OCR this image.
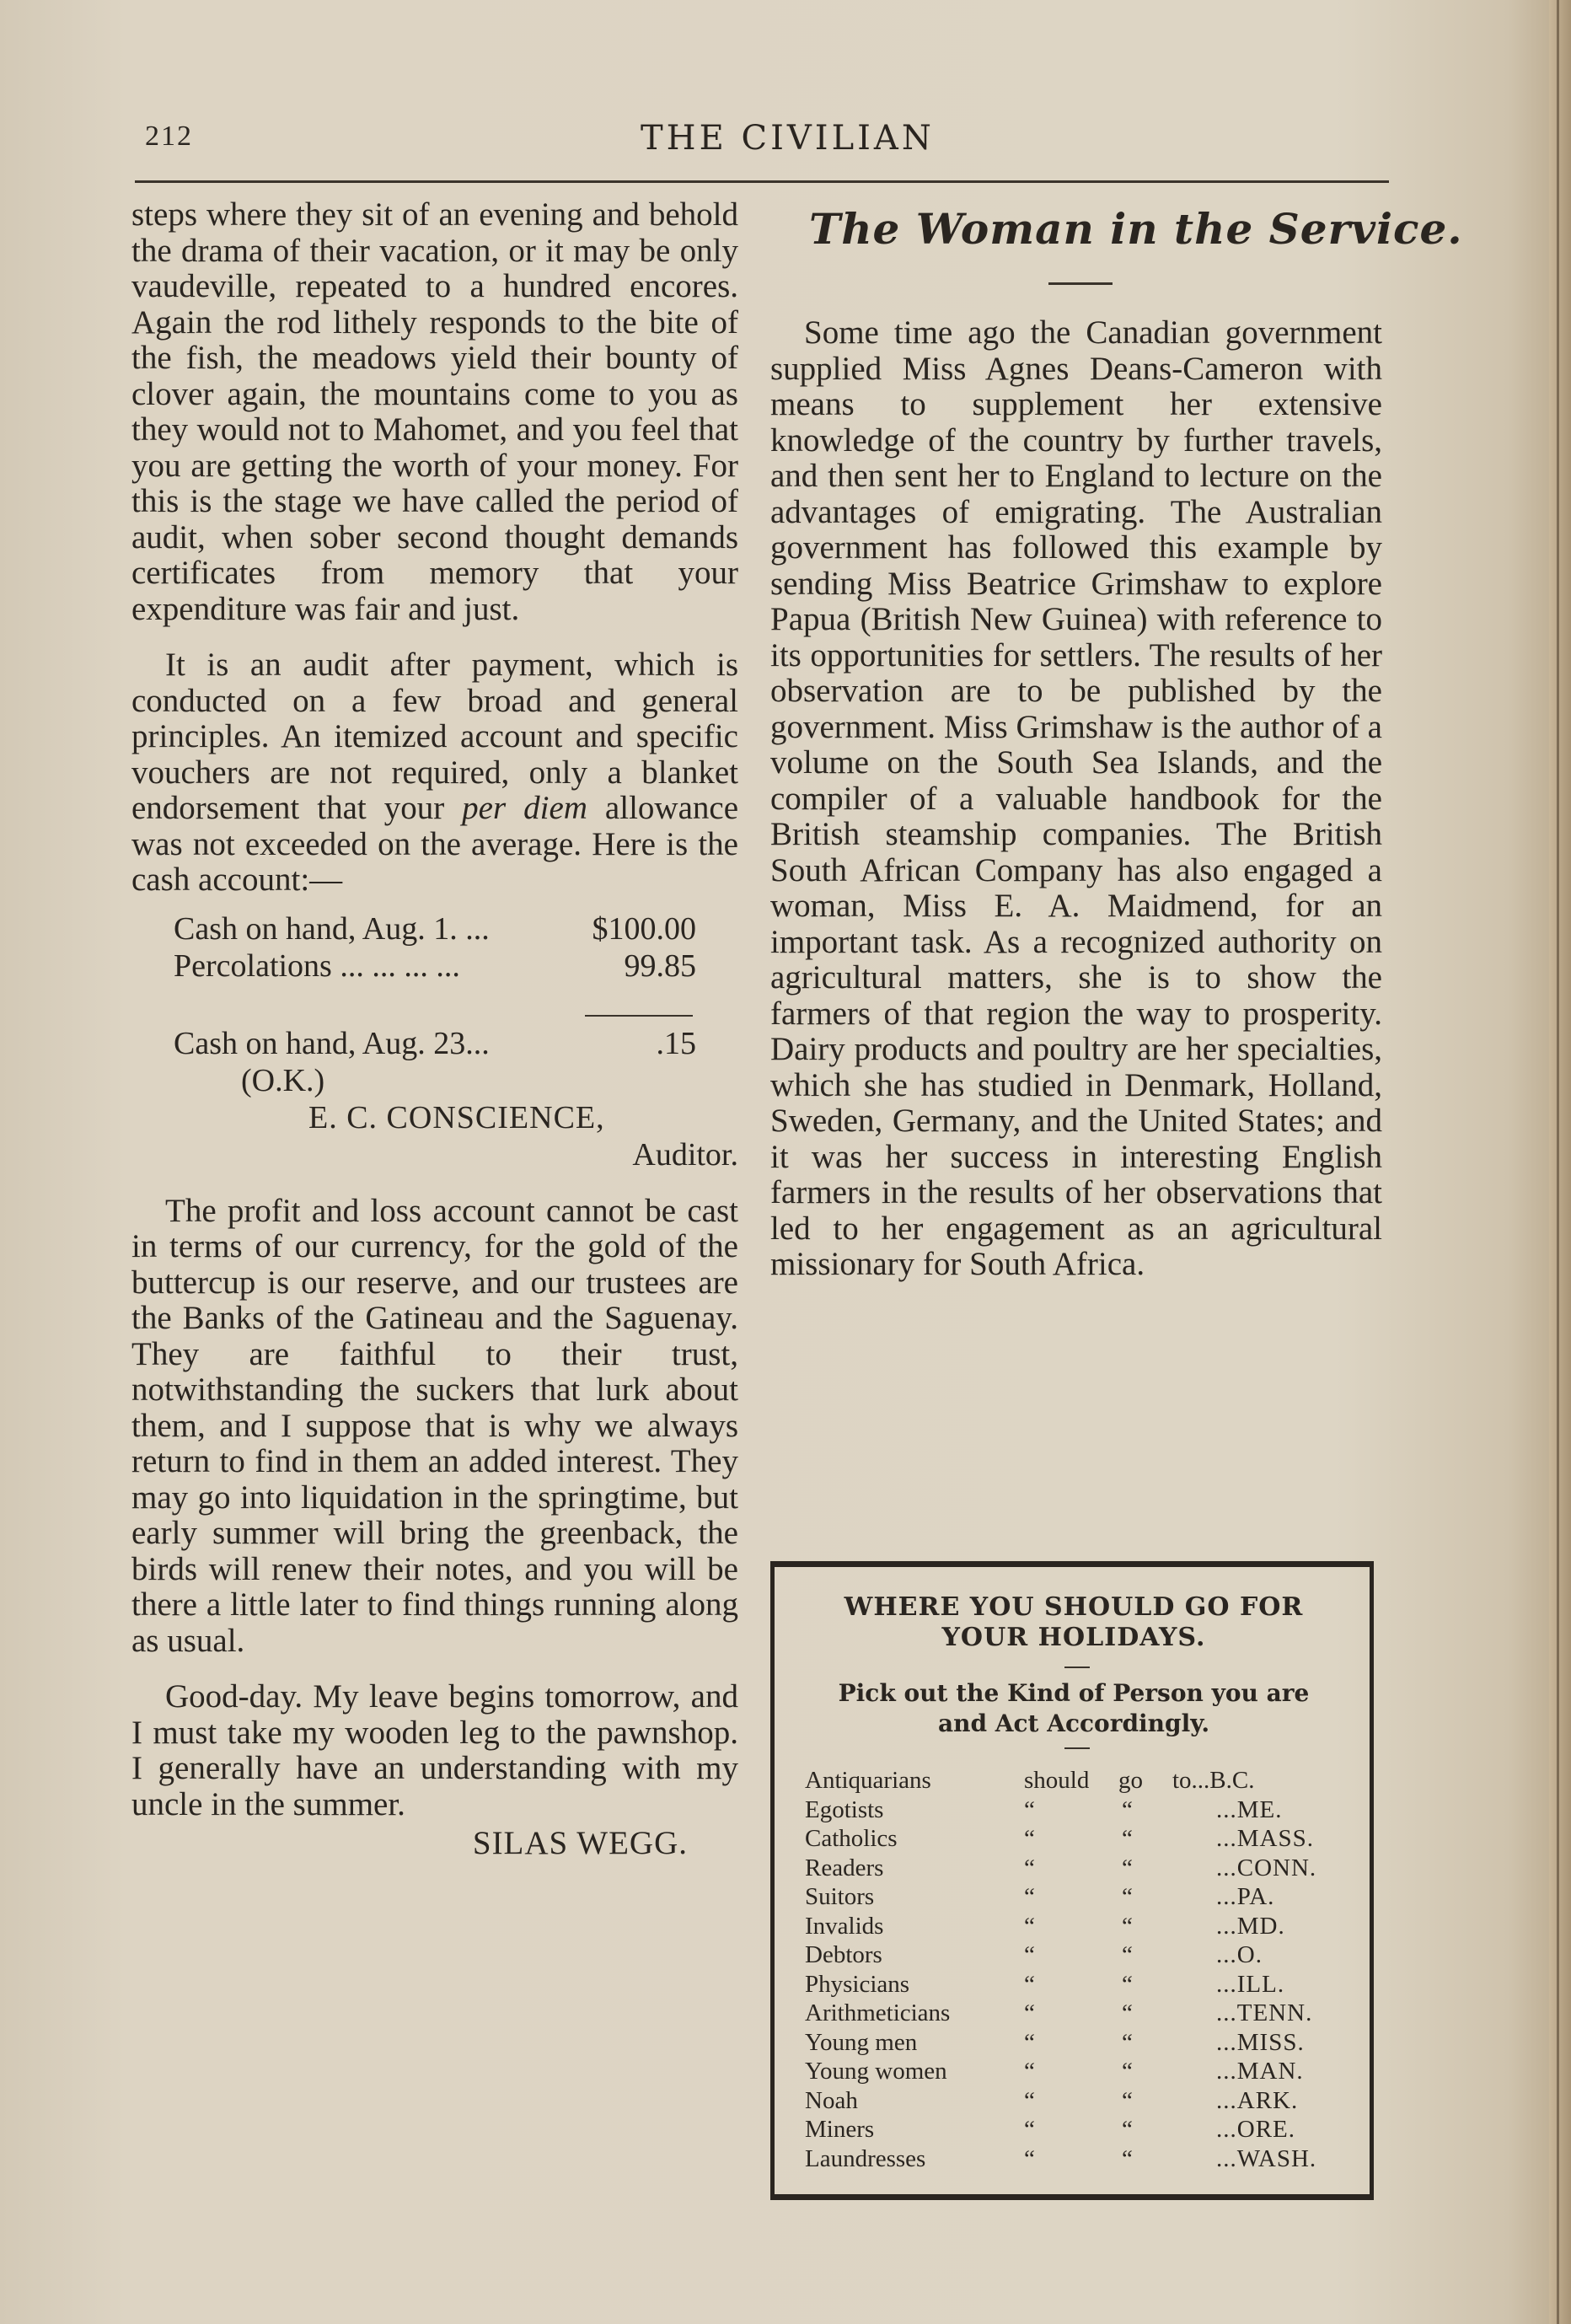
212	THE CIVILIAN

steps where they sit of an evening and behold the drama of their vacation, or it may be only vaudeville, repeated to a hundred encores. Again the rod lithely responds to the bite of the fish, the meadows yield their bounty of clover again, the mountains come to you as they would not to Mahomet, and you feel that you are getting the worth of your money. For this is the stage we have called the period of audit, when sober second thought demands certificates from memory that your expenditure was fair and just.

It is an audit after payment, which is conducted on a few broad and general principles. An itemized account and specific vouchers are not required, only a blanket endorsement that your per diem allowance was not exceeded on the average. Here is the cash account:—

Cash on hand, Aug. 1. ...	$100.00
Percolations ... ... ... ...	99.85
Cash on hand, Aug. 23...	.15
(O.K.)
E. C. CONSCIENCE,
Auditor.

The profit and loss account cannot be cast in terms of our currency, for the gold of the buttercup is our reserve, and our trustees are the Banks of the Gatineau and the Saguenay. They are faithful to their trust, notwithstanding the suckers that lurk about them, and I suppose that is why we always return to find in them an added interest. They may go into liquidation in the springtime, but early summer will bring the greenback, the birds will renew their notes, and you will be there a little later to find things running along as usual.

Good-day. My leave begins tomorrow, and I must take my wooden leg to the pawnshop. I generally have an understanding with my uncle in the summer.

SILAS WEGG.
The Woman in the Service.

Some time ago the Canadian government supplied Miss Agnes Deans-Cameron with means to supplement her extensive knowledge of the country by further travels, and then sent her to England to lecture on the advantages of emigrating. The Australian government has followed this example by sending Miss Beatrice Grimshaw to explore Papua (British New Guinea) with reference to its opportunities for settlers. The results of her observation are to be published by the government. Miss Grimshaw is the author of a volume on the South Sea Islands, and the compiler of a valuable handbook for the British steamship companies. The British South African Company has also engaged a woman, Miss E. A. Maidmend, for an important task. As a recognized authority on agricultural matters, she is to show the farmers of that region the way to prosperity. Dairy products and poultry are her specialties, which she has studied in Denmark, Holland, Sweden, Germany, and the United States; and it was her success in interesting English farmers in the results of her observations that led to her engagement as an agricultural missionary for South Africa.

WHERE YOU SHOULD GO FOR
YOUR HOLIDAYS.
Pick out the Kind of Person you are
and Act Accordingly.
Antiquarians	should go to...B.C.
Egotists	“	“	...ME.
Catholics	“	“	...MASS.
Readers	“	“	...CONN.
Suitors	“	“	...PA.
Invalids	“	“	...MD.
Debtors	“	“	...O.
Physicians	“	“	...ILL.
Arithmeticians	“	“	...TENN.
Young men	“	“	...MISS.
Young women	“	“	...MAN.
Noah	“	“	...ARK.
Miners	“	“	...ORE.
Laundresses	“	“	...WASH.
